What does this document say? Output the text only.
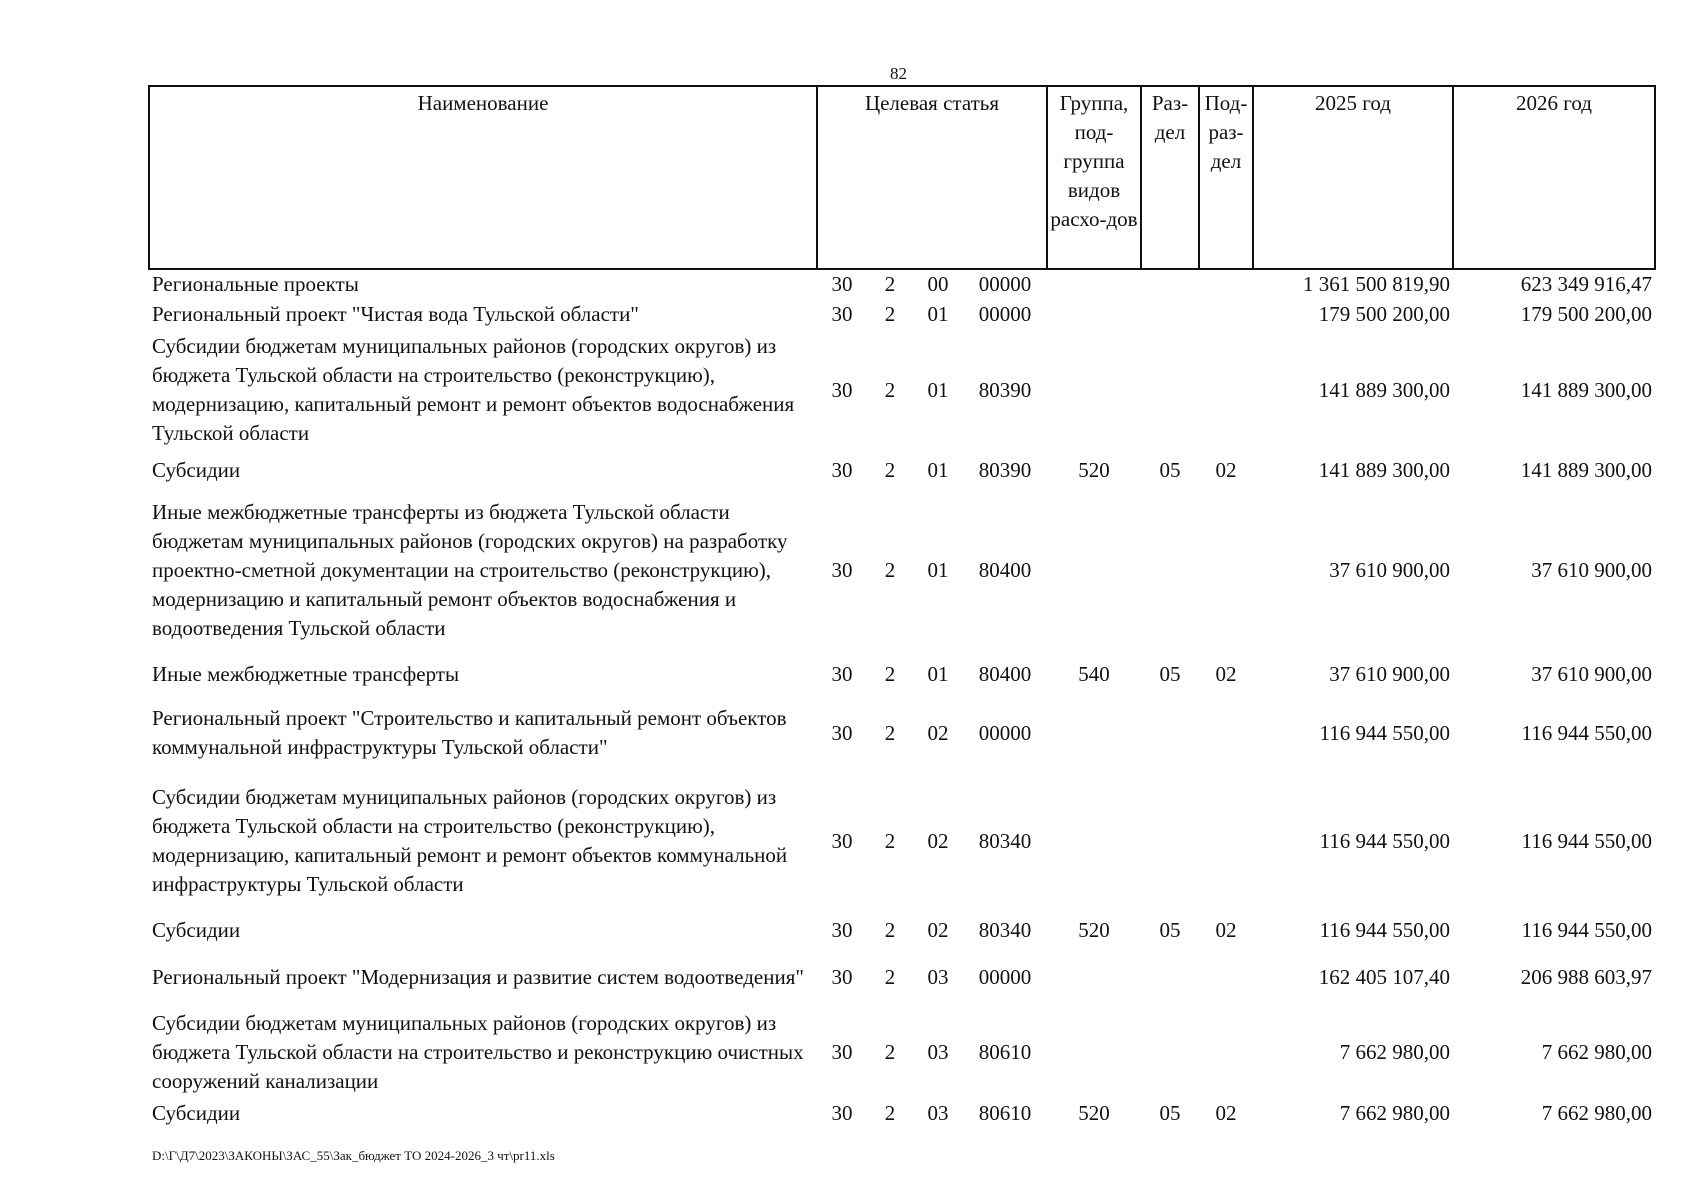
82
Наименование	Целевая статья				Группа, под-группа видов расхо-дов	Раз-дел	Под-раз-дел	2025 год	2026 год
Региональные проекты	30	2	00	00000				1 361 500 819,90	623 349 916,47
Региональный проект "Чистая вода Тульской области"	30	2	01	00000				179 500 200,00	179 500 200,00
Субсидии бюджетам муниципальных районов (городских округов) из бюджета Тульской области на строительство (реконструкцию), модернизацию, капитальный ремонт и ремонт объектов водоснабжения Тульской области	30	2	01	80390				141 889 300,00	141 889 300,00
Субсидии	30	2	01	80390	520	05	02	141 889 300,00	141 889 300,00
Иные межбюджетные трансферты из бюджета Тульской области бюджетам муниципальных районов (городских округов) на разработку проектно-сметной документации на строительство (реконструкцию), модернизацию и капитальный ремонт объектов водоснабжения и водоотведения Тульской области	30	2	01	80400				37 610 900,00	37 610 900,00
Иные межбюджетные трансферты	30	2	01	80400	540	05	02	37 610 900,00	37 610 900,00
Региональный проект "Строительство и капитальный ремонт объектов коммунальной инфраструктуры Тульской области"	30	2	02	00000				116 944 550,00	116 944 550,00
Субсидии бюджетам муниципальных районов (городских округов) из бюджета Тульской области на строительство (реконструкцию), модернизацию, капитальный ремонт и ремонт объектов коммунальной инфраструктуры Тульской области	30	2	02	80340				116 944 550,00	116 944 550,00
Субсидии	30	2	02	80340	520	05	02	116 944 550,00	116 944 550,00
Региональный проект "Модернизация и развитие систем водоотведения"	30	2	03	00000				162 405 107,40	206 988 603,97
Субсидии бюджетам муниципальных районов (городских округов) из бюджета Тульской области на строительство и реконструкцию очистных сооружений канализации	30	2	03	80610				7 662 980,00	7 662 980,00
Субсидии	30	2	03	80610	520	05	02	7 662 980,00	7 662 980,00
D:\Г\Д7\2023\ЗАКОНЫ\ЗАС_55\Зак_бюджет ТО 2024-2026_3 чт\pr11.xls
